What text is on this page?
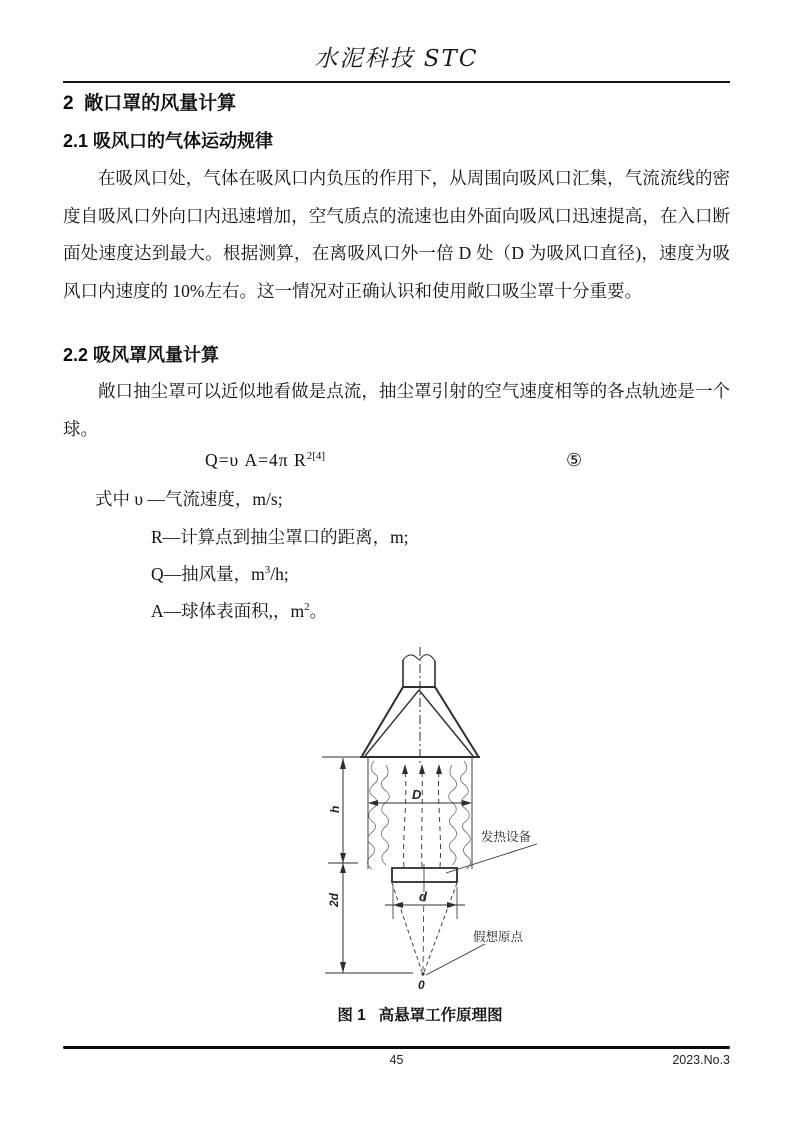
水泥科技 STC
2  敞口罩的风量计算
2.1 吸风口的气体运动规律
在吸风口处，气体在吸风口内负压的作用下，从周围向吸风口汇集，气流流线的密度自吸风口外向口内迅速增加，空气质点的流速也由外面向吸风口迅速提高，在入口断面处速度达到最大。根据测算，在离吸风口外一倍 D 处（D 为吸风口直径)，速度为吸风口内速度的 10%左右。这一情况对正确认识和使用敞口吸尘罩十分重要。
2.2 吸风罩风量计算
敞口抽尘罩可以近似地看做是点流，抽尘罩引射的空气速度相等的各点轨迹是一个球。
Q=υ A=4π $R^{2[4]}$	⑤
式中 υ —气流速度，m/s;
R—计算点到抽尘罩口的距离，m;
Q—抽风量，$m^3/h$;
A—球体表面积,，$m^2$。
D
发热设备
d
0
假想原点
h
2d
图 1   高悬罩工作原理图
45	2023.No.3
